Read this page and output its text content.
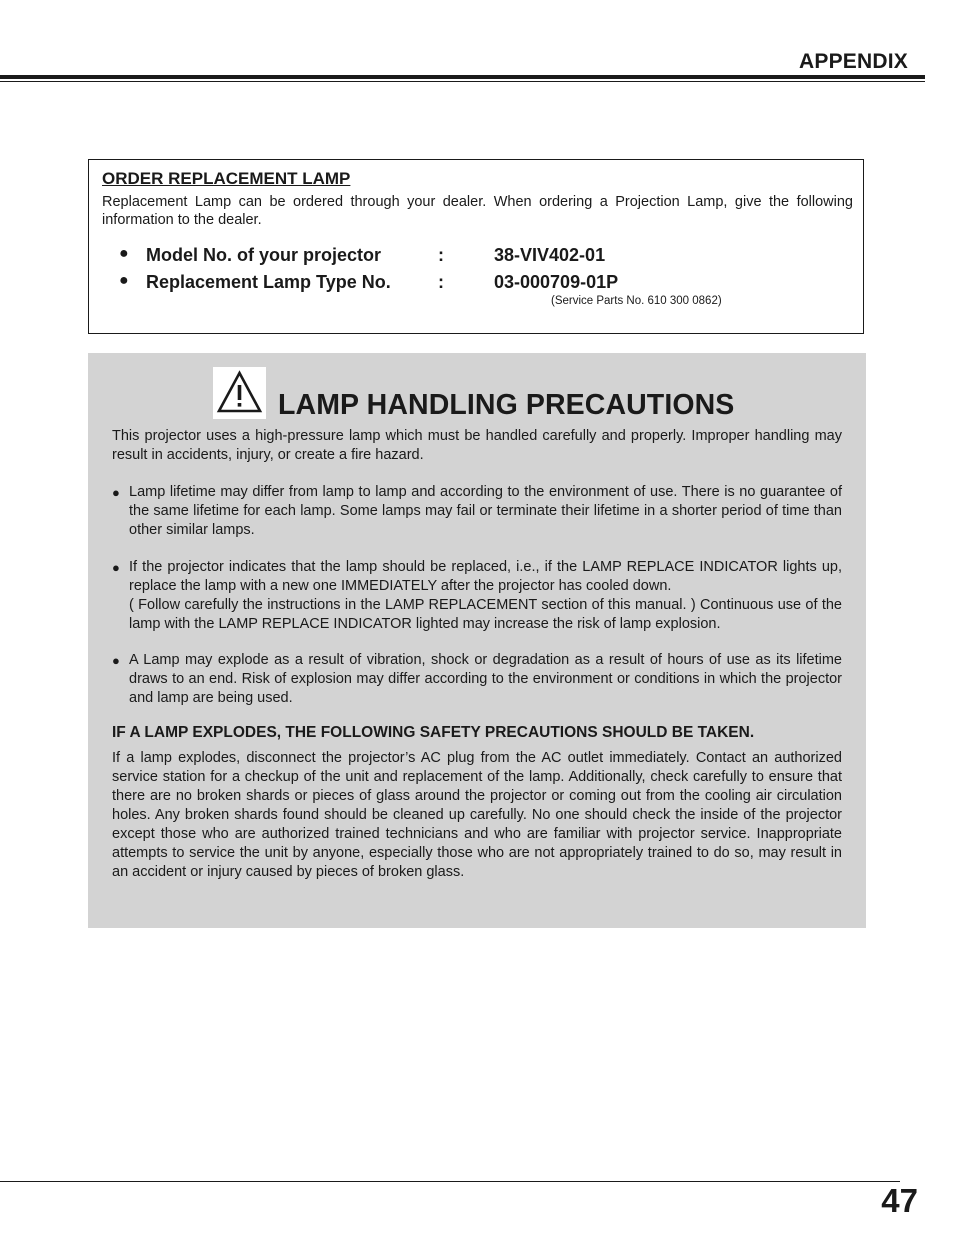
APPENDIX
ORDER REPLACEMENT LAMP
Replacement Lamp can be ordered through your dealer. When ordering a Projection Lamp, give the following information to the dealer.
● Model No. of your projector	:	38-VIV402-01
● Replacement Lamp Type No.	:	03-000709-01P
(Service Parts No. 610 300 0862)
LAMP HANDLING PRECAUTIONS
This projector uses a high-pressure lamp which must be handled carefully and properly. Improper handling may result in accidents, injury, or create a fire hazard.
● Lamp lifetime may differ from lamp to lamp and according to the environment of use. There is no guarantee of the same lifetime for each lamp. Some lamps may fail or terminate their lifetime in a shorter period of time than other similar lamps.
● If the projector indicates that the lamp should be replaced, i.e., if the LAMP REPLACE INDICATOR lights up, replace the lamp with a new one IMMEDIATELY after the projector has cooled down.
( Follow carefully the instructions in the LAMP REPLACEMENT section of this manual. ) Continuous use of the lamp with the LAMP REPLACE INDICATOR lighted may increase the risk of lamp explosion.
● A Lamp may explode as a result of vibration, shock or degradation as a result of hours of use as its lifetime draws to an end. Risk of explosion may differ according to the environment or conditions in which the projector and lamp are being used.
IF A LAMP EXPLODES, THE FOLLOWING SAFETY PRECAUTIONS SHOULD BE TAKEN.
If a lamp explodes, disconnect the projector’s AC plug from the AC outlet immediately. Contact an authorized service station for a checkup of the unit and replacement of the lamp. Additionally, check carefully to ensure that there are no broken shards or pieces of glass around the projector or coming out from the cooling air circulation holes. Any broken shards found should be cleaned up carefully. No one should check the inside of the projector except those who are authorized trained technicians and who are familiar with projector service. Inappropriate attempts to service the unit by anyone, especially those who are not appropriately trained to do so, may result in an accident or injury caused by pieces of broken glass.
47
